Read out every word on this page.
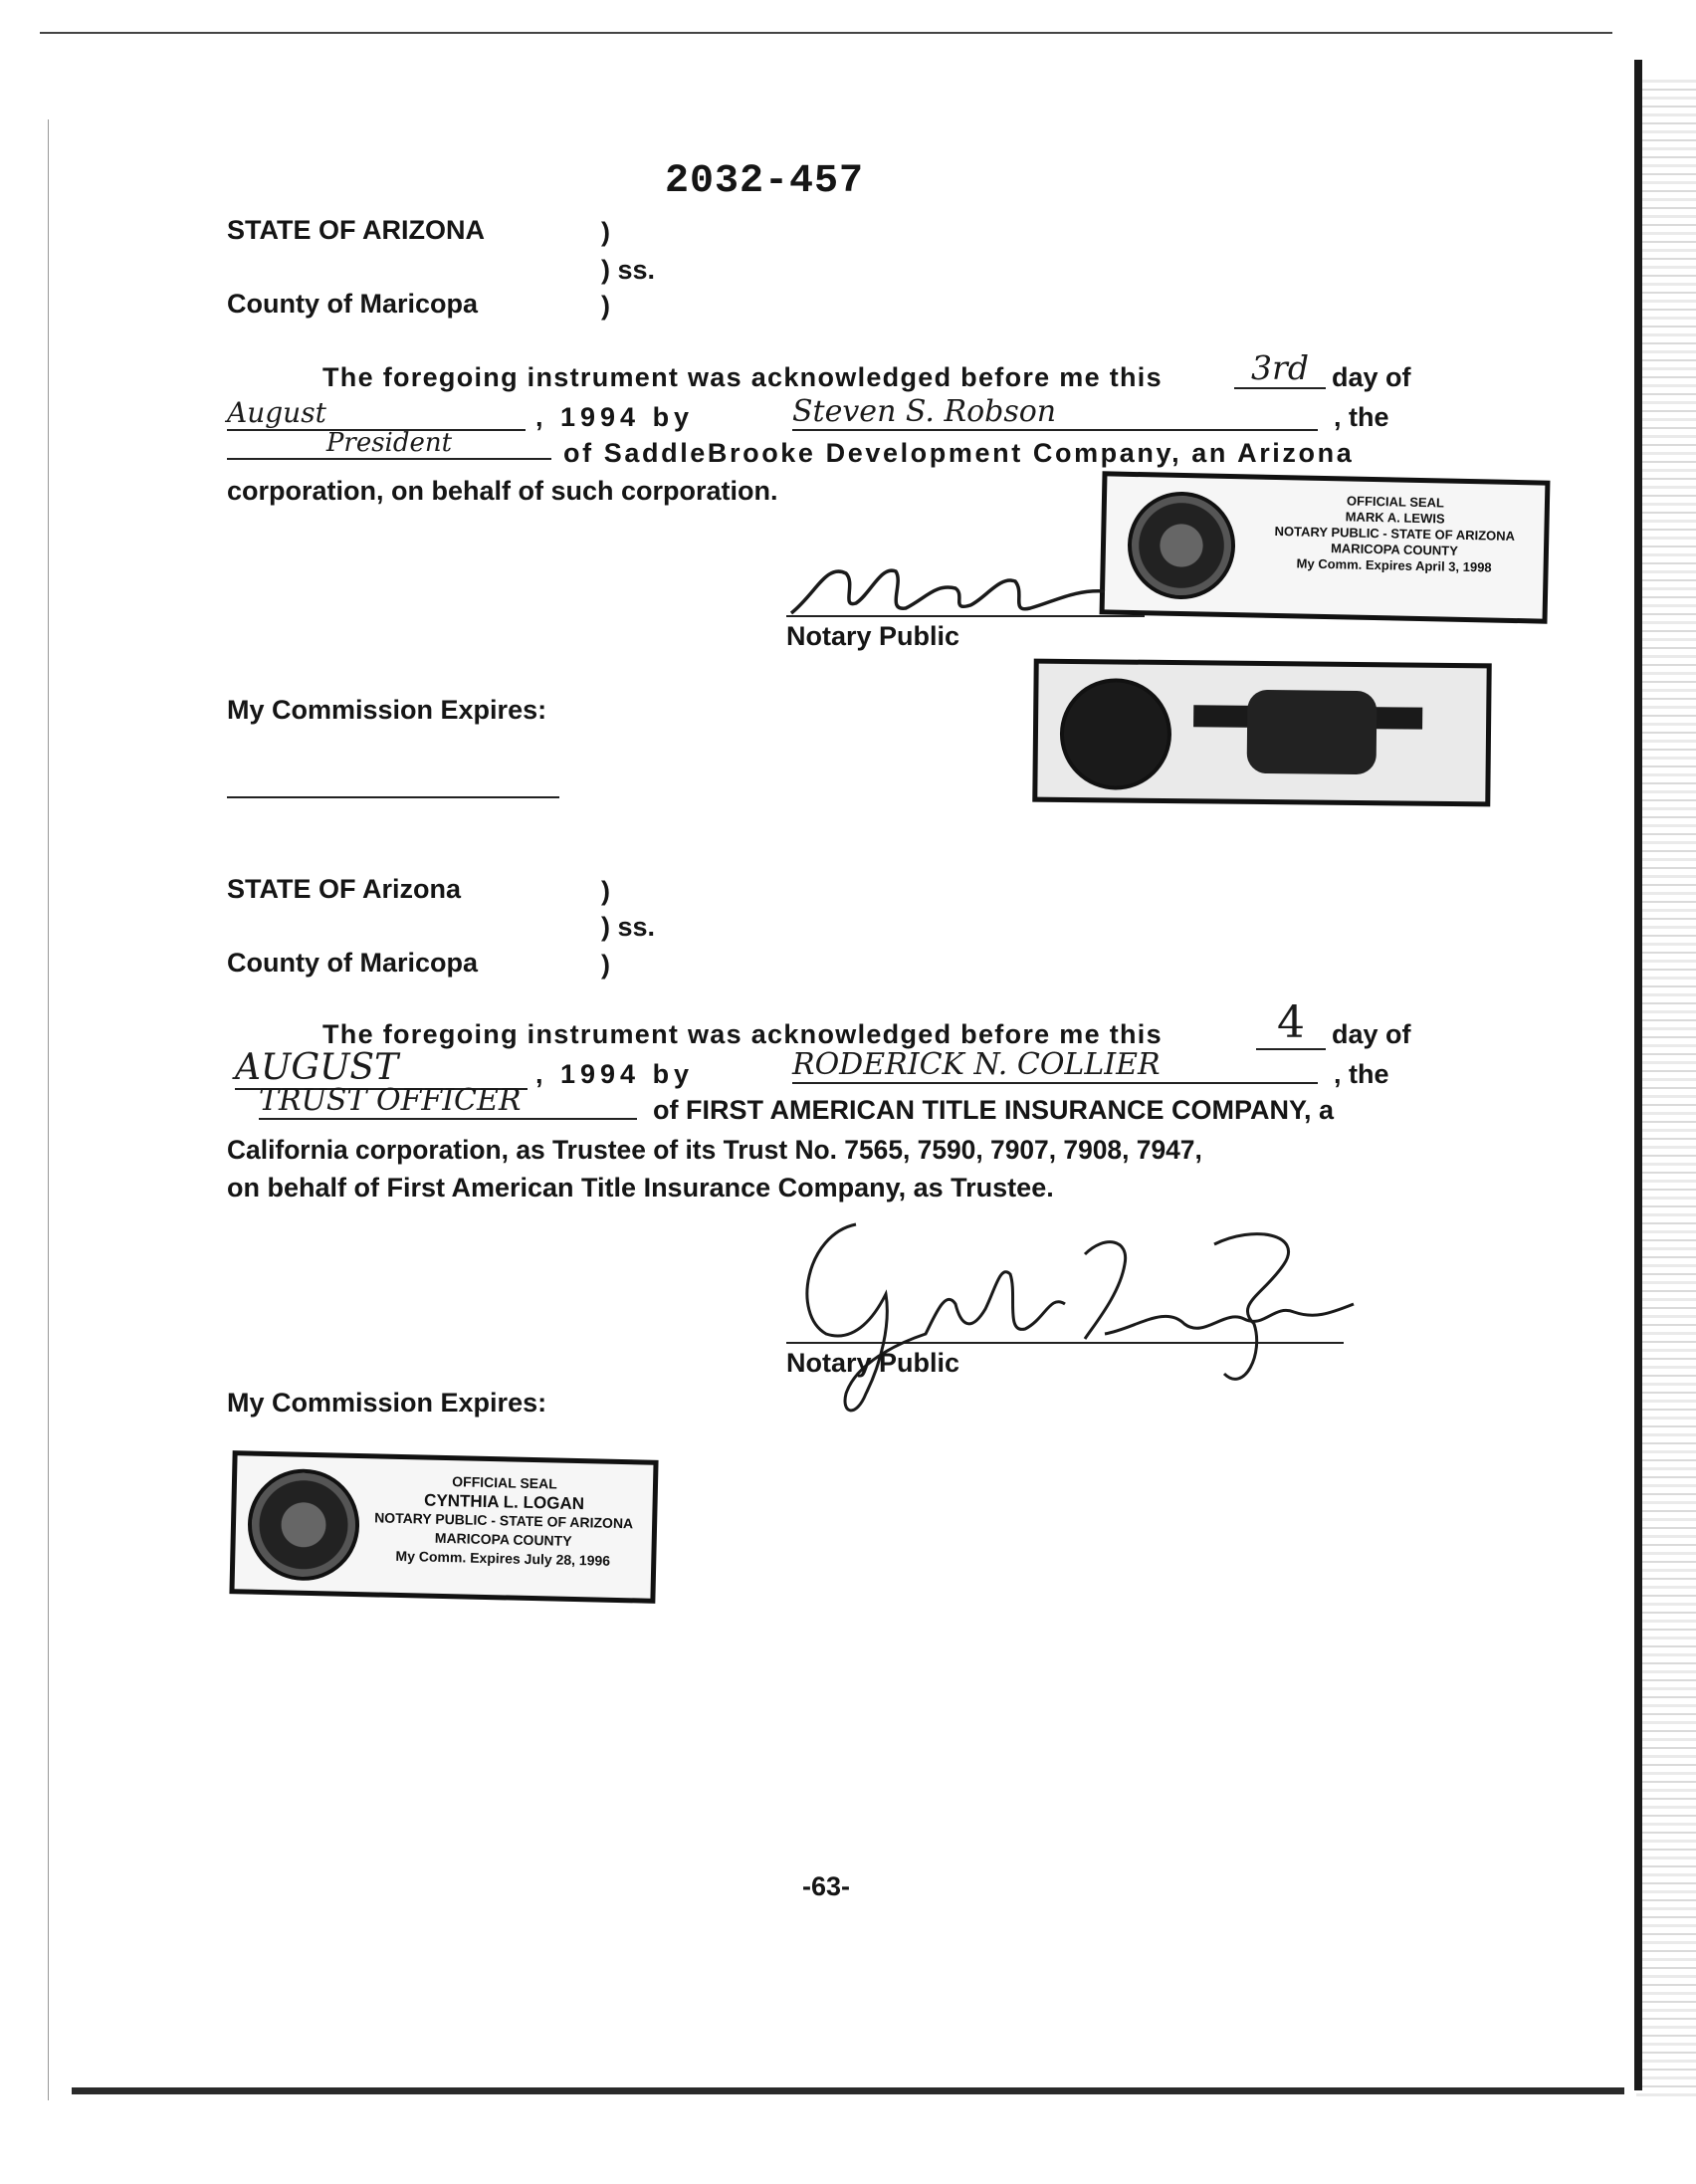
2032-457
STATE OF ARIZONA	)
) ss.
County of Maricopa	)
The foregoing instrument was acknowledged before me this	3rd day of
August	, 1994 by	Steven S. Robson	, the
President	of SaddleBrooke Development Company, an Arizona
corporation, on behalf of such corporation.	OFFICIAL SEAL
MARK A. LEWIS
NOTARY PUBLIC - STATE OF ARIZONA
MARICOPA COUNTY
My Comm. Expires April 3, 1998
Notary Public
My Commission Expires:
STATE OF Arizona	)
) ss.
County of Maricopa	)
The foregoing instrument was acknowledged before me this	4	day of
AUGUST	, 1994 by	RODERICK N. COLLIER	, the
TRUST OFFICER	of FIRST AMERICAN TITLE INSURANCE COMPANY, a
California corporation, as Trustee of its Trust No. 7565, 7590, 7907, 7908, 7947,
on behalf of First American Title Insurance Company, as Trustee.
Notary Public
My Commission Expires:
OFFICIAL SEAL
CYNTHIA L. LOGAN
NOTARY PUBLIC - STATE OF ARIZONA
MARICOPA COUNTY
My Comm. Expires July 28, 1996
-63-
